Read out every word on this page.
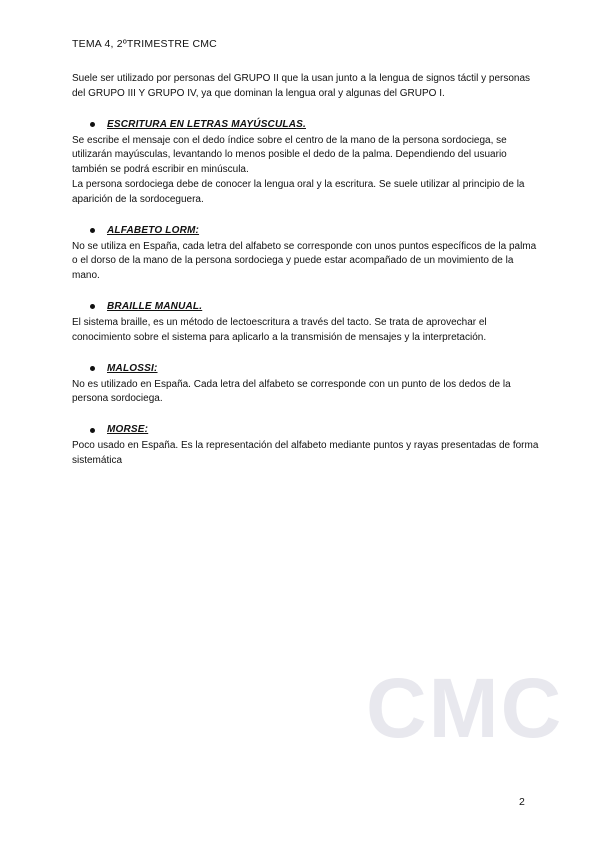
TEMA 4, 2ºTRIMESTRE CMC

Suele ser utilizado por personas del GRUPO II que la usan junto a la lengua de signos táctil y personas del GRUPO III Y GRUPO IV, ya que dominan la lengua oral y algunas del GRUPO I.

ESCRITURA EN LETRAS MAYÚSCULAS.

Se escribe el mensaje con el dedo índice sobre el centro de la mano de la persona sordociega, se utilizarán mayúsculas, levantando lo menos posible el dedo de la palma. Dependiendo del usuario también se podrá escribir en minúscula.

La persona sordociega debe de conocer la lengua oral y la escritura. Se suele utilizar al principio de la aparición de la sordoceguera.

ALFABETO LORM:

No se utiliza en España, cada letra del alfabeto se corresponde con unos puntos específicos de la palma o el dorso de la mano de la persona sordociega y puede estar acompañado de un movimiento de la mano.

BRAILLE MANUAL.

El sistema braille, es un método de lectoescritura a través del tacto. Se trata de aprovechar el conocimiento sobre el sistema para aplicarlo a la transmisión de mensajes y la interpretación.

MALOSSI:

No es utilizado en España. Cada letra del alfabeto se corresponde con un punto de los dedos de la persona sordociega.

MORSE:

Poco usado en España. Es la representación del alfabeto mediante puntos y rayas presentadas de forma sistemática

CMC
2
